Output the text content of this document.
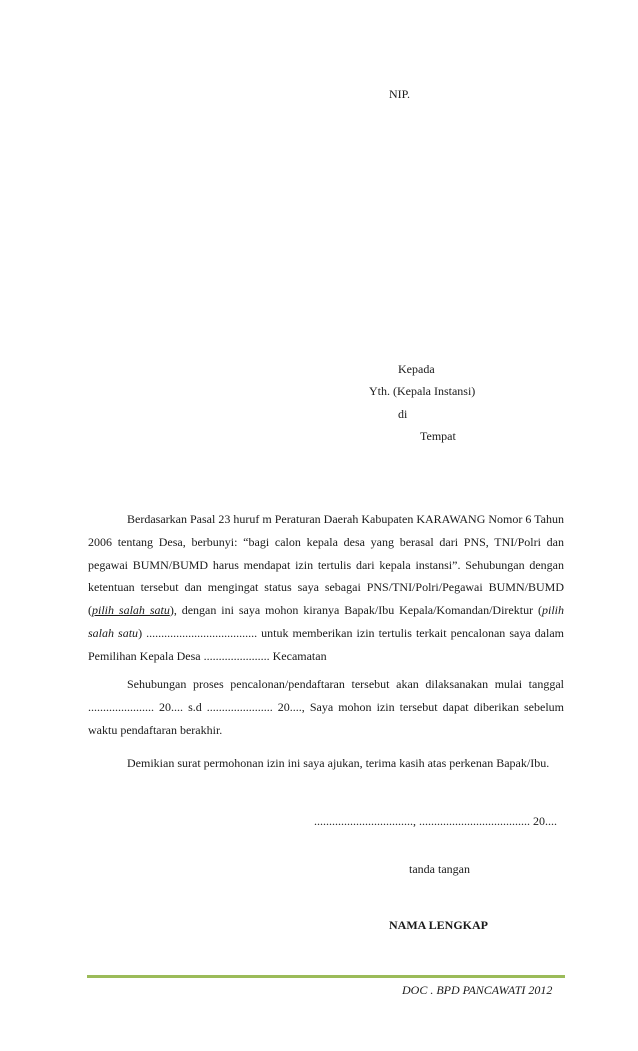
NIP.
Kepada
Yth. (Kepala Instansi)
di
Tempat

Berdasarkan Pasal 23 huruf m Peraturan Daerah Kabupaten KARAWANG Nomor 6 Tahun 2006 tentang Desa, berbunyi: “bagi calon kepala desa yang berasal dari PNS, TNI/Polri dan pegawai BUMN/BUMD harus mendapat izin tertulis dari kepala instansi”. Sehubungan dengan ketentuan tersebut dan mengingat status saya sebagai PNS/TNI/Polri/Pegawai BUMN/BUMD (pilih salah satu), dengan ini saya mohon kiranya Bapak/Ibu Kepala/Komandan/Direktur (pilih salah satu) ..................................... untuk memberikan izin tertulis terkait pencalonan saya dalam Pemilihan Kepala Desa ...................... Kecamatan

Sehubungan proses pencalonan/pendaftaran tersebut akan dilaksanakan mulai tanggal ...................... 20.... s.d ...................... 20...., Saya mohon izin tersebut dapat diberikan sebelum waktu pendaftaran berakhir.

Demikian surat permohonan izin ini saya ajukan, terima kasih atas perkenan Bapak/Ibu.

................................., ..................................... 20....
tanda tangan
NAMA LENGKAP
DOC . BPD PANCAWATI 2012
